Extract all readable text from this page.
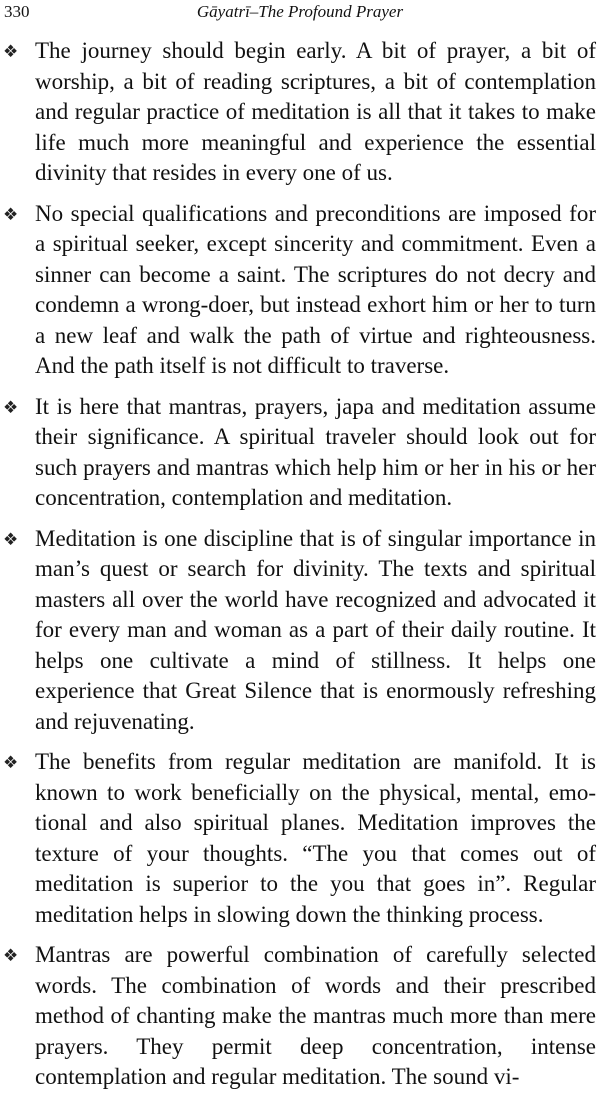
330	Gāyatrī–The Profound Prayer
❖ The journey should begin early. A bit of prayer, a bit of worship, a bit of reading scriptures, a bit of contemplation and regular practice of meditation is all that it takes to make life much more meaningful and experience the essential divinity that resides in every one of us.
❖ No special qualifications and preconditions are imposed for a spiritual seeker, except sincerity and commitment. Even a sinner can become a saint. The scriptures do not decry and condemn a wrong-doer, but instead exhort him or her to turn a new leaf and walk the path of virtue and righteousness. And the path itself is not difficult to traverse.
❖ It is here that mantras, prayers, japa and meditation assume their significance. A spiritual traveler should look out for such prayers and mantras which help him or her in his or her concentration, contemplation and meditation.
❖ Meditation is one discipline that is of singular importance in man’s quest or search for divinity. The texts and spiritual masters all over the world have recognized and advocated it for every man and woman as a part of their daily routine. It helps one cultivate a mind of stillness. It helps one experience that Great Silence that is enormously refreshing and rejuvenating.
❖ The benefits from regular meditation are manifold. It is known to work beneficially on the physical, mental, emotional and also spiritual planes. Meditation improves the texture of your thoughts. “The you that comes out of meditation is superior to the you that goes in”. Regular meditation helps in slowing down the thinking process.
❖ Mantras are powerful combination of carefully selected words. The combination of words and their prescribed method of chanting make the mantras much more than mere prayers. They permit deep concentration, intense contemplation and regular meditation. The sound vi-
